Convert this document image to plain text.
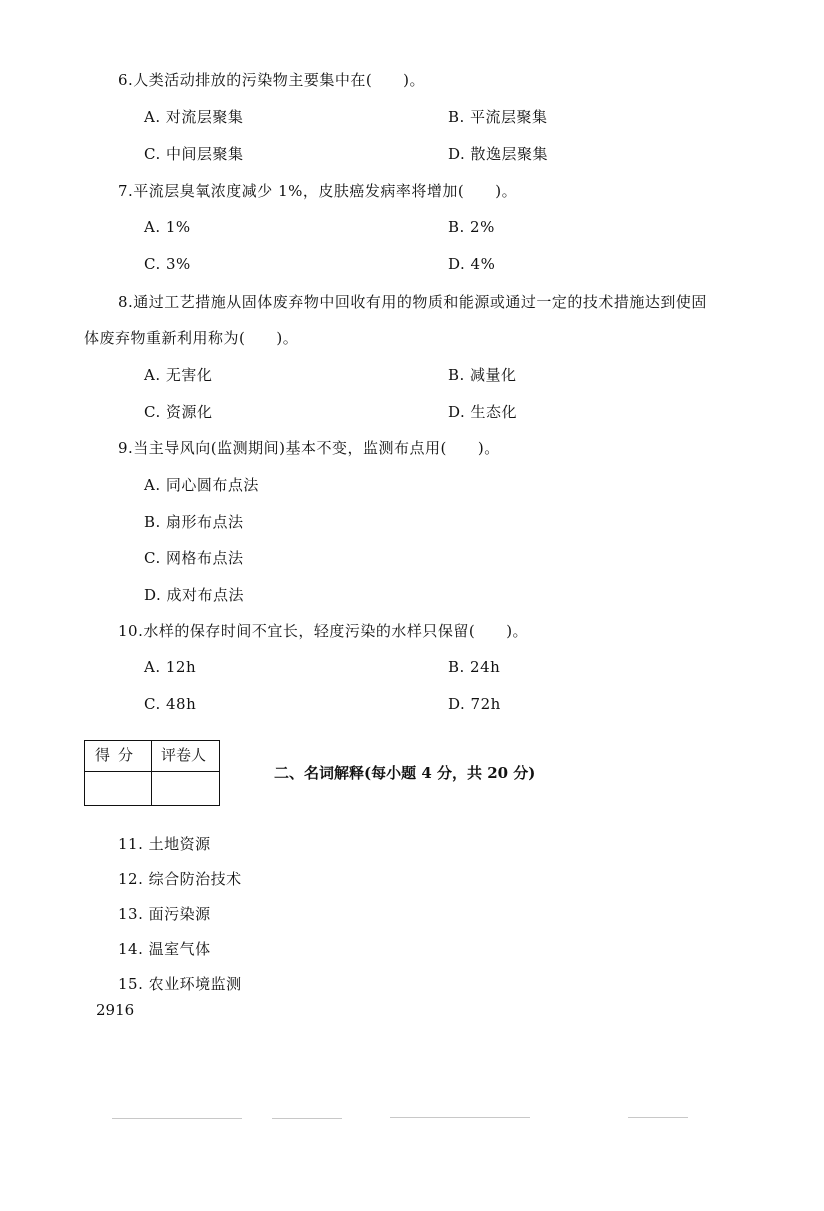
6.人类活动排放的污染物主要集中在(　　)。
A. 对流层聚集	B. 平流层聚集
C. 中间层聚集	D. 散逸层聚集
7.平流层臭氧浓度减少 1%，皮肤癌发病率将增加(　　)。
A. 1%	B. 2%
C. 3%	D. 4%
8.通过工艺措施从固体废弃物中回收有用的物质和能源或通过一定的技术措施达到使固
体废弃物重新利用称为(　　)。
A. 无害化	B. 减量化
C. 资源化	D. 生态化
9.当主导风向(监测期间)基本不变，监测布点用(　　)。
A. 同心圆布点法
B. 扇形布点法
C. 网格布点法
D. 成对布点法
10.水样的保存时间不宜长，轻度污染的水样只保留(　　)。
A. 12h	B. 24h
C. 48h	D. 72h
得分 评卷人
二、名词解释(每小题 4 分，共 20 分)
11. 土地资源
12. 综合防治技术
13. 面污染源
14. 温室气体
15. 农业环境监测
2916
